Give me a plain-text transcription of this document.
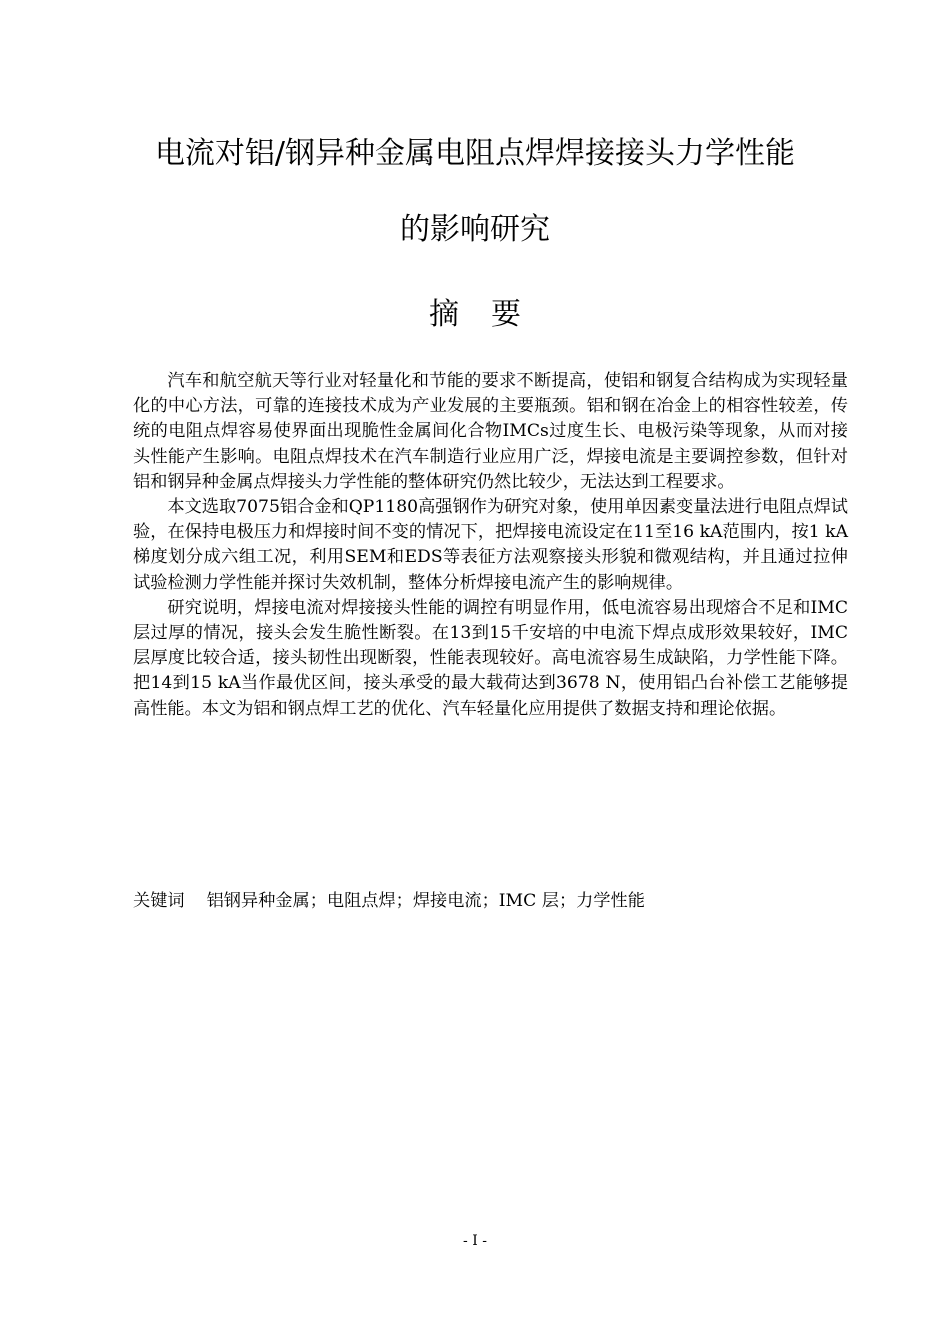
电流对铝/钢异种金属电阻点焊焊接接头力学性能
的影响研究
摘要

汽车和航空航天等行业对轻量化和节能的要求不断提高，使铝和钢复合结构成为实现轻量化的中心方法，可靠的连接技术成为产业发展的主要瓶颈。铝和钢在冶金上的相容性较差，传统的电阻点焊容易使界面出现脆性金属间化合物IMCs过度生长、电极污染等现象，从而对接头性能产生影响。电阻点焊技术在汽车制造行业应用广泛，焊接电流是主要调控参数，但针对铝和钢异种金属点焊接头力学性能的整体研究仍然比较少，无法达到工程要求。

本文选取7075铝合金和QP1180高强钢作为研究对象，使用单因素变量法进行电阻点焊试验，在保持电极压力和焊接时间不变的情况下，把焊接电流设定在11至16 kA范围内，按1 kA梯度划分成六组工况，利用SEM和EDS等表征方法观察接头形貌和微观结构，并且通过拉伸试验检测力学性能并探讨失效机制，整体分析焊接电流产生的影响规律。

研究说明，焊接电流对焊接接头性能的调控有明显作用，低电流容易出现熔合不足和IMC层过厚的情况，接头会发生脆性断裂。在13到15千安培的中电流下焊点成形效果较好，IMC层厚度比较合适，接头韧性出现断裂，性能表现较好。高电流容易生成缺陷，力学性能下降。把14到15 kA当作最优区间，接头承受的最大载荷达到3678 N，使用铝凸台补偿工艺能够提高性能。本文为铝和钢点焊工艺的优化、汽车轻量化应用提供了数据支持和理论依据。

关键词 铝钢异种金属；电阻点焊；焊接电流；IMC 层；力学性能
- I -
